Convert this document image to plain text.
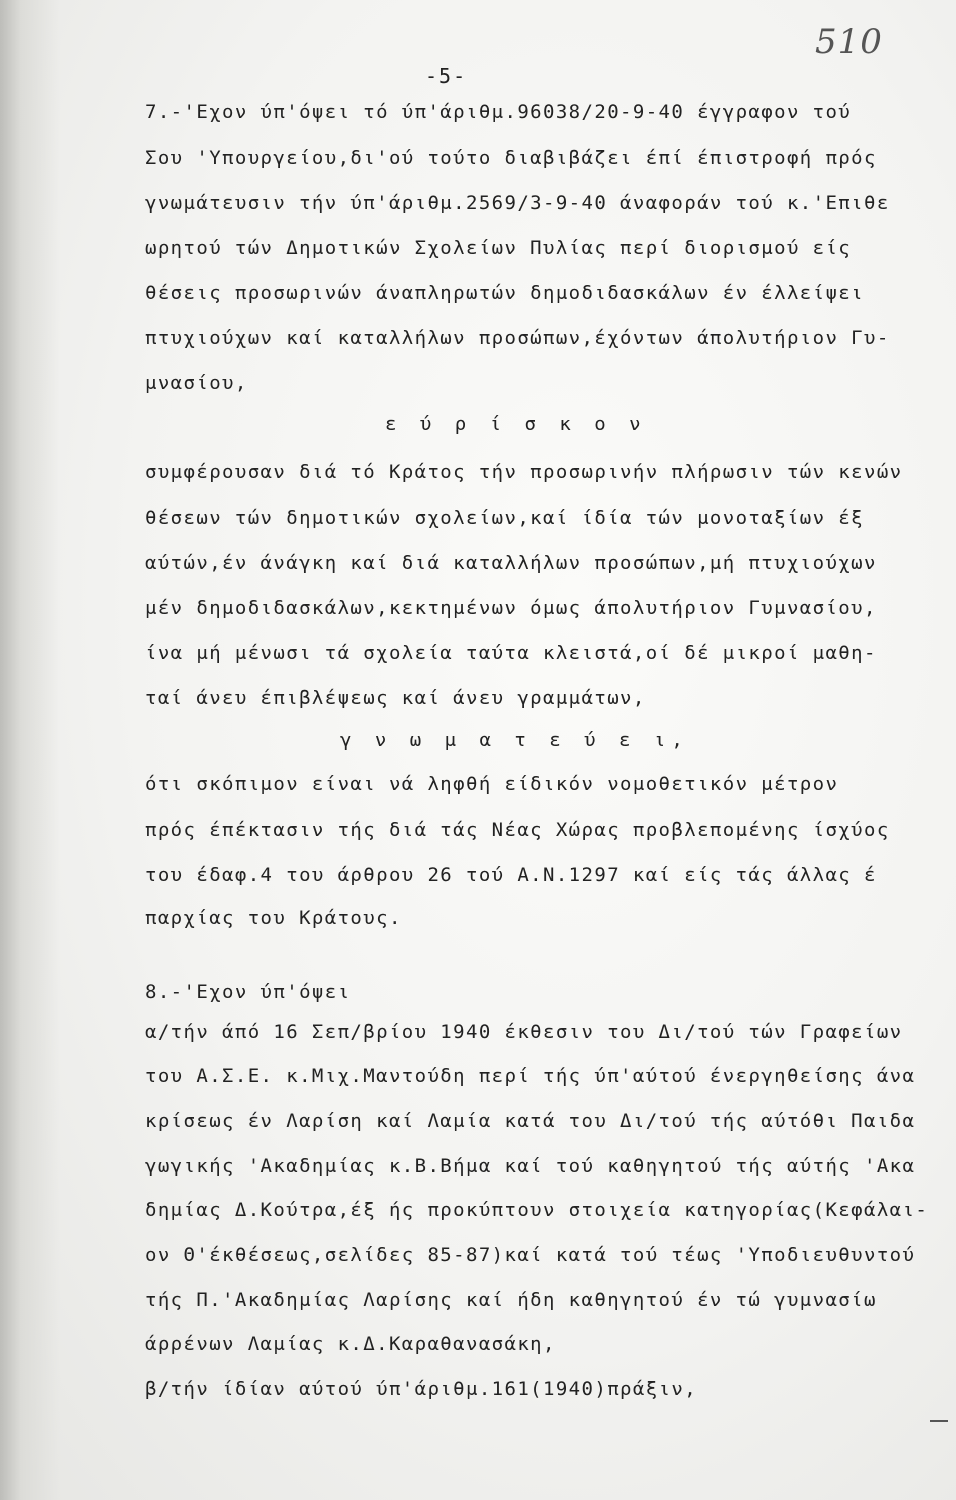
510
-5-
7.-'Εχον ύπ'όψει τό ύπ'άριθμ.96038/20-9-40 έγγραφον τού
Σου 'Υπουργείου,δι'ού τούτο διαβιβάζει έπί έπιστροφή πρός
γνωμάτευσιν τήν ύπ'άριθμ.2569/3-9-40 άναφοράν τού κ.'Επιθε
ωρητού τών Δημοτικών Σχολείων Πυλίας περί διορισμού είς
θέσεις προσωρινών άναπληρωτών δημοδιδασκάλων έν έλλείψει
πτυχιούχων καί καταλλήλων προσώπων,έχόντων άπολυτήριον Γυ-
μνασίου,
ε ύ ρ ί σ κ ο ν
συμφέρουσαν διά τό Κράτος τήν προσωρινήν πλήρωσιν τών κενών
θέσεων τών δημοτικών σχολείων,καί ίδία τών μονοταξίων έξ
αύτών,έν άνάγκη καί διά καταλλήλων προσώπων,μή πτυχιούχων
μέν δημοδιδασκάλων,κεκτημένων όμως άπολυτήριον Γυμνασίου,
ίνα μή μένωσι τά σχολεία ταύτα κλειστά,οί δέ μικροί μαθη-
ταί άνευ έπιβλέψεως καί άνευ γραμμάτων,
γ ν ω μ α τ ε ύ ε ι,
ότι σκόπιμον είναι νά ληφθή είδικόν νομοθετικόν μέτρον
πρός έπέκτασιν τής διά τάς Νέας Χώρας προβλεπομένης ίσχύος
του έδαφ.4 του άρθρου 26 τού Α.Ν.1297 καί είς τάς άλλας έ
παρχίας του Κράτους.
8.-'Εχον ύπ'όψει
α/τήν άπό 16 Σεπ/βρίου 1940 έκθεσιν του Δι/τού τών Γραφείων
του Α.Σ.Ε. κ.Μιχ.Μαντούδη περί τής ύπ'αύτού ένεργηθείσης άνα
κρίσεως έν Λαρίση καί Λαμία κατά του Δι/τού τής αύτόθι Παιδα
γωγικής 'Ακαδημίας κ.Β.Βήμα καί τού καθηγητού τής αύτής 'Ακα
δημίας Δ.Κούτρα,έξ ής προκύπτουν στοιχεία κατηγορίας(Κεφάλαι-
ον Θ'έκθέσεως,σελίδες 85-87)καί κατά τού τέως 'Υποδιευθυντού
τής Π.'Ακαδημίας Λαρίσης καί ήδη καθηγητού έν τώ γυμνασίω
άρρένων Λαμίας κ.Δ.Καραθανασάκη,
β/τήν ίδίαν αύτού ύπ'άριθμ.161(1940)πράξιν,
